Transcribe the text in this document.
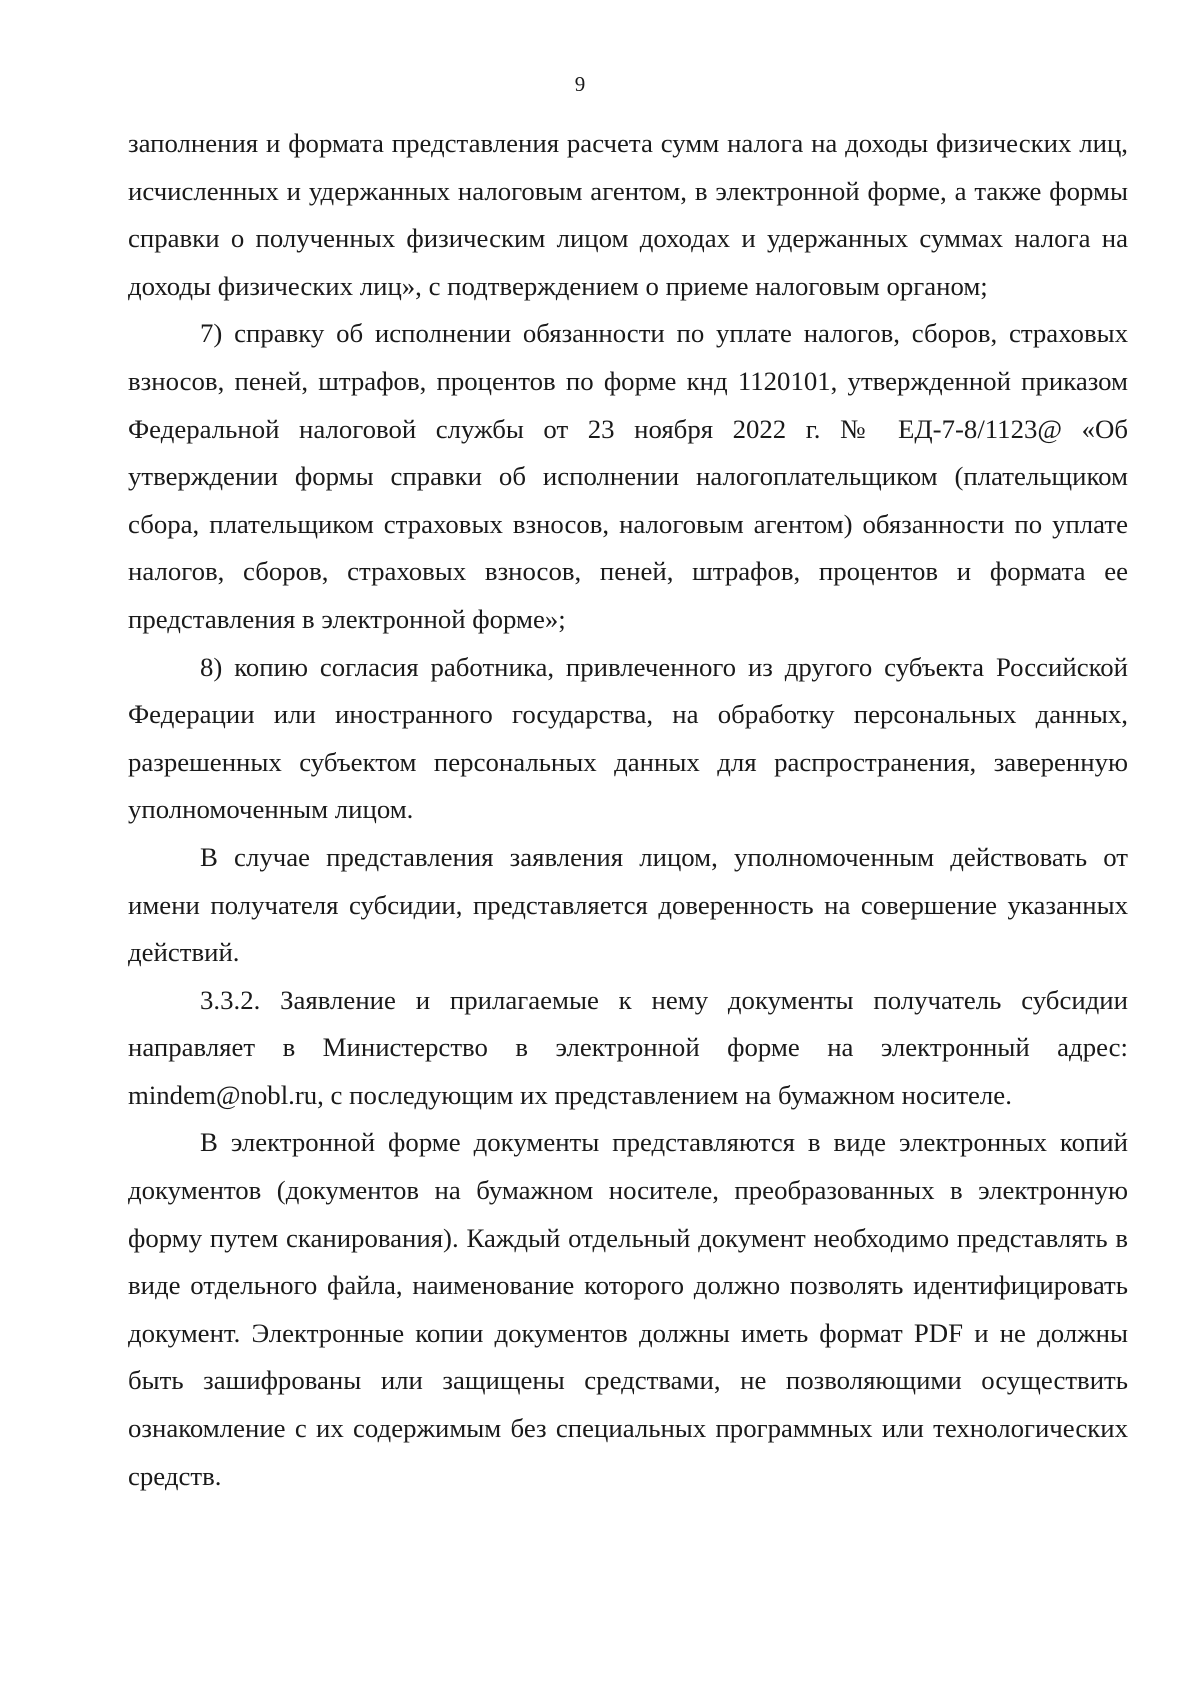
9

заполнения и формата представления расчета сумм налога на доходы физических лиц, исчисленных и удержанных налоговым агентом, в электронной форме, а также формы справки о полученных физическим лицом доходах и удержанных суммах налога на доходы физических лиц», с подтверждением о приеме налоговым органом;

7) справку об исполнении обязанности по уплате налогов, сборов, страховых взносов, пеней, штрафов, процентов по форме кнд 1120101, утвержденной приказом Федеральной налоговой службы от 23 ноября 2022 г. № ЕД-7-8/1123@ «Об утверждении формы справки об исполнении налогоплательщиком (плательщиком сбора, плательщиком страховых взносов, налоговым агентом) обязанности по уплате налогов, сборов, страховых взносов, пеней, штрафов, процентов и формата ее представления в электронной форме»;

8) копию согласия работника, привлеченного из другого субъекта Российской Федерации или иностранного государства, на обработку персональных данных, разрешенных субъектом персональных данных для распространения, заверенную уполномоченным лицом.

В случае представления заявления лицом, уполномоченным действовать от имени получателя субсидии, представляется доверенность на совершение указанных действий.

3.3.2. Заявление и прилагаемые к нему документы получатель субсидии направляет в Министерство в электронной форме на электронный адрес: mindem@nobl.ru, с последующим их представлением на бумажном носителе.

В электронной форме документы представляются в виде электронных копий документов (документов на бумажном носителе, преобразованных в электронную форму путем сканирования). Каждый отдельный документ необходимо представлять в виде отдельного файла, наименование которого должно позволять идентифицировать документ. Электронные копии документов должны иметь формат PDF и не должны быть зашифрованы или защищены средствами, не позволяющими осуществить ознакомление с их содержимым без специальных программных или технологических средств.
